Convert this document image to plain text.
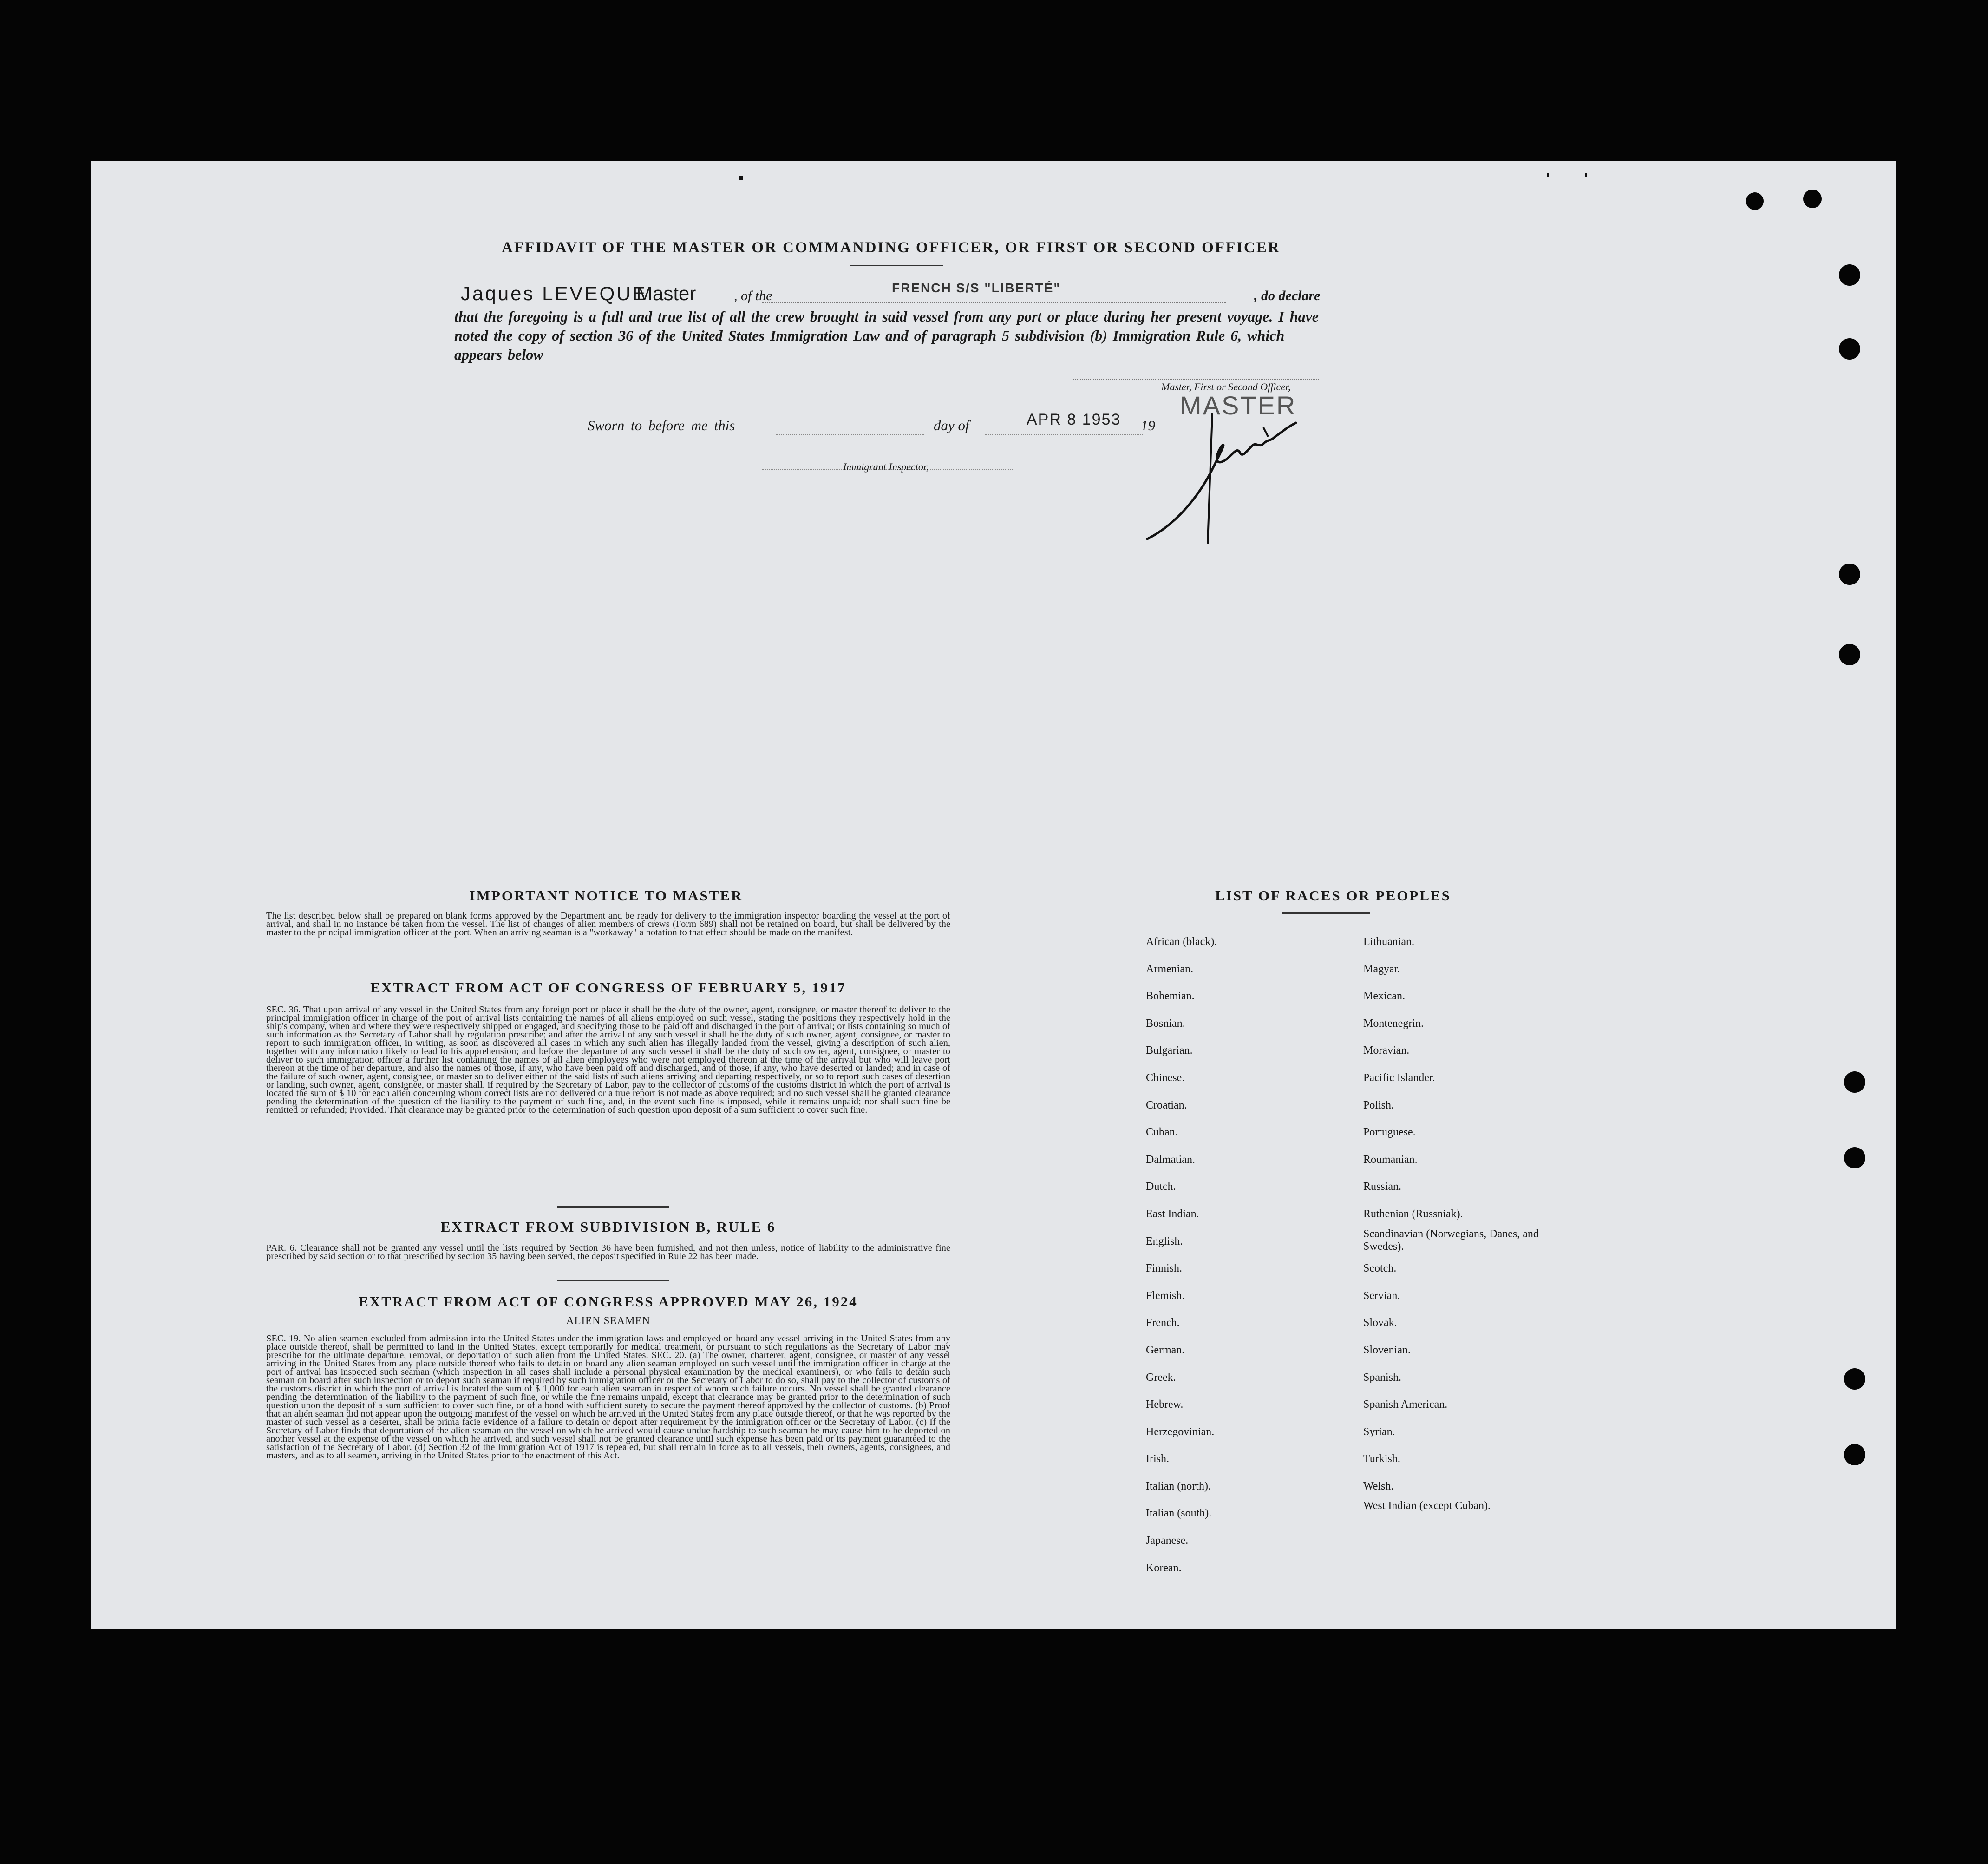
AFFIDAVIT OF THE MASTER OR COMMANDING OFFICER, OR FIRST OR SECOND OFFICER
Jaques LEVEQUE
Master	, of the
FRENCH S/S "LIBERTÉ"
, do declare
that the foregoing is a full and true list of all the crew brought in said vessel from any port or place during her present voyage. I have noted the copy of section 36 of the United States Immigration Law and of paragraph 5 subdivision (b) Immigration Rule 6, which appears below
Master, First or Second Officer,
MASTER
Sworn to before me this	day of	APR 8 1953 19
Immigrant Inspector,
IMPORTANT NOTICE TO MASTER
The list described below shall be prepared on blank forms approved by the Department and be ready for delivery to the immigration inspector boarding the vessel at the port of arrival, and shall in no instance be taken from the vessel. The list of changes of alien members of crews (Form 689) shall not be retained on board, but shall be delivered by the master to the principal immigration officer at the port. When an arriving seaman is a "workaway" a notation to that effect should be made on the manifest.
EXTRACT FROM ACT OF CONGRESS OF FEBRUARY 5, 1917
SEC. 36. That upon arrival of any vessel in the United States from any foreign port or place it shall be the duty of the owner, agent, consignee, or master thereof to deliver to the principal immigration officer in charge of the port of arrival lists containing the names of all aliens employed on such vessel, stating the positions they respectively hold in the ship's company, when and where they were respectively shipped or engaged, and specifying those to be paid off and discharged in the port of arrival; or lists containing so much of such information as the Secretary of Labor shall by regulation prescribe; and after the arrival of any such vessel it shall be the duty of such owner, agent, consignee, or master to report to such immigration officer, in writing, as soon as discovered all cases in which any such alien has illegally landed from the vessel, giving a description of such alien, together with any information likely to lead to his apprehension; and before the departure of any such vessel it shall be the duty of such owner, agent, consignee, or master to deliver to such immigration officer a further list containing the names of all alien employees who were not employed thereon at the time of the arrival but who will leave port thereon at the time of her departure, and also the names of those, if any, who have been paid off and discharged, and of those, if any, who have deserted or landed; and in case of the failure of such owner, agent, consignee, or master so to deliver either of the said lists of such aliens arriving and departing respectively, or so to report such cases of desertion or landing, such owner, agent, consignee, or master shall, if required by the Secretary of Labor, pay to the collector of customs of the customs district in which the port of arrival is located the sum of $ 10 for each alien concerning whom correct lists are not delivered or a true report is not made as above required; and no such vessel shall be granted clearance pending the determination of the question of the liability to the payment of such fine, and, in the event such fine is imposed, while it remains unpaid; nor shall such fine be remitted or refunded; Provided. That clearance may be granted prior to the determination of such question upon deposit of a sum sufficient to cover such fine.
EXTRACT FROM SUBDIVISION B, RULE 6
PAR. 6. Clearance shall not be granted any vessel until the lists required by Section 36 have been furnished, and not then unless, notice of liability to the administrative fine prescribed by said section or to that prescribed by section 35 having been served, the deposit specified in Rule 22 has been made.
EXTRACT FROM ACT OF CONGRESS APPROVED MAY 26, 1924
ALIEN SEAMEN
SEC. 19. No alien seamen excluded from admission into the United States under the immigration laws and employed on board any vessel arriving in the United States from any place outside thereof, shall be permitted to land in the United States, except temporarily for medical treatment, or pursuant to such regulations as the Secretary of Labor may prescribe for the ultimate departure, removal, or deportation of such alien from the United States. SEC. 20. (a) The owner, charterer, agent, consignee, or master of any vessel arriving in the United States from any place outside thereof who fails to detain on board any alien seaman employed on such vessel until the immigration officer in charge at the port of arrival has inspected such seaman (which inspection in all cases shall include a personal physical examination by the medical examiners), or who fails to detain such seaman on board after such inspection or to deport such seaman if required by such immigration officer or the Secretary of Labor to do so, shall pay to the collector of customs of the customs district in which the port of arrival is located the sum of $ 1,000 for each alien seaman in respect of whom such failure occurs. No vessel shall be granted clearance pending the determination of the liability to the payment of such fine, or while the fine remains unpaid, except that clearance may be granted prior to the determination of such question upon the deposit of a sum sufficient to cover such fine, or of a bond with sufficient surety to secure the payment thereof approved by the collector of customs. (b) Proof that an alien seaman did not appear upon the outgoing manifest of the vessel on which he arrived in the United States from any place outside thereof, or that he was reported by the master of such vessel as a deserter, shall be prima facie evidence of a failure to detain or deport after requirement by the immigration officer or the Secretary of Labor. (c) If the Secretary of Labor finds that deportation of the alien seaman on the vessel on which he arrived would cause undue hardship to such seaman he may cause him to be deported on another vessel at the expense of the vessel on which he arrived, and such vessel shall not be granted clearance until such expense has been paid or its payment guaranteed to the satisfaction of the Secretary of Labor. (d) Section 32 of the Immigration Act of 1917 is repealed, but shall remain in force as to all vessels, their owners, agents, consignees, and masters, and as to all seamen, arriving in the United States prior to the enactment of this Act.
LIST OF RACES OR PEOPLES
African (black).
Armenian.
Bohemian.
Bosnian.
Bulgarian.
Chinese.
Croatian.
Cuban.
Dalmatian.
Dutch.
East Indian.
English.
Finnish.
Flemish.
French.
German.
Greek.
Hebrew.
Herzegovinian.
Irish.
Italian (north).
Italian (south).
Japanese.
Korean.
Lithuanian.
Magyar.
Mexican.
Montenegrin.
Moravian.
Pacific Islander.
Polish.
Portuguese.
Roumanian.
Russian.
Ruthenian (Russniak).
Scandinavian (Norwegians, Danes, and Swedes).
Scotch.
Servian.
Slovak.
Slovenian.
Spanish.
Spanish American.
Syrian.
Turkish.
Welsh.
West Indian (except Cuban).
